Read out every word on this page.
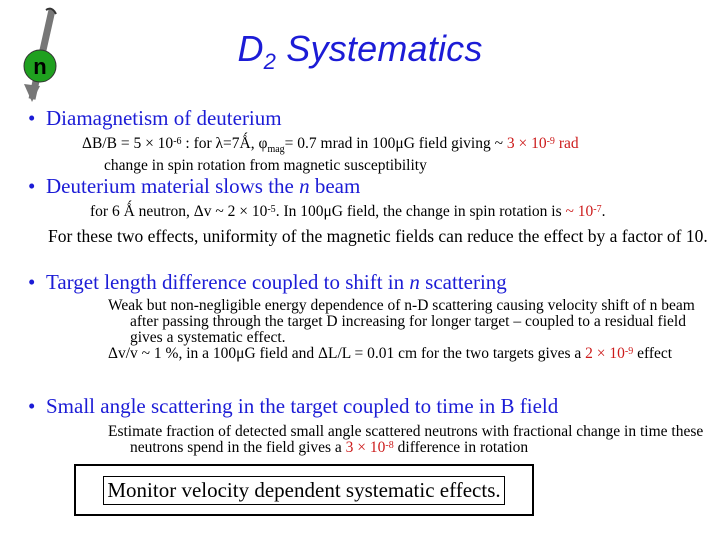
n	$D_2$ Systematics
• Diamagnetism of deuterium

$\Delta B/B = 5 \times 10^{-6}$ : for λ=7Ǻ, $\varphi_{mag}= 0.7$ mrad in 100μG field giving ~ $3 \times 10^{-9}$ rad
change in spin rotation from magnetic susceptibility

• Deuterium material slows the n beam

for 6 Ǻ neutron, Δv ~ $2 \times 10^{-5}$. In 100μG field, the change in spin rotation is ~ $10^{-7}$.

For these two effects, uniformity of the magnetic fields can reduce the effect by a factor of 10.

• Target length difference coupled to shift in n scattering

Weak but non-negligible energy dependence of n-D scattering causing velocity shift of n beam after passing through the target D increasing for longer target – coupled to a residual field gives a systematic effect.

Δv/v ~ 1 %, in a 100μG field and ΔL/L = 0.01 cm for the two targets gives a $2 \times 10^{-9}$ effect

• Small angle scattering in the target coupled to time in B field

Estimate fraction of detected small angle scattered neutrons with fractional change in time these neutrons spend in the field gives a $3 \times 10^{-8}$ difference in rotation

Monitor velocity dependent systematic effects.
